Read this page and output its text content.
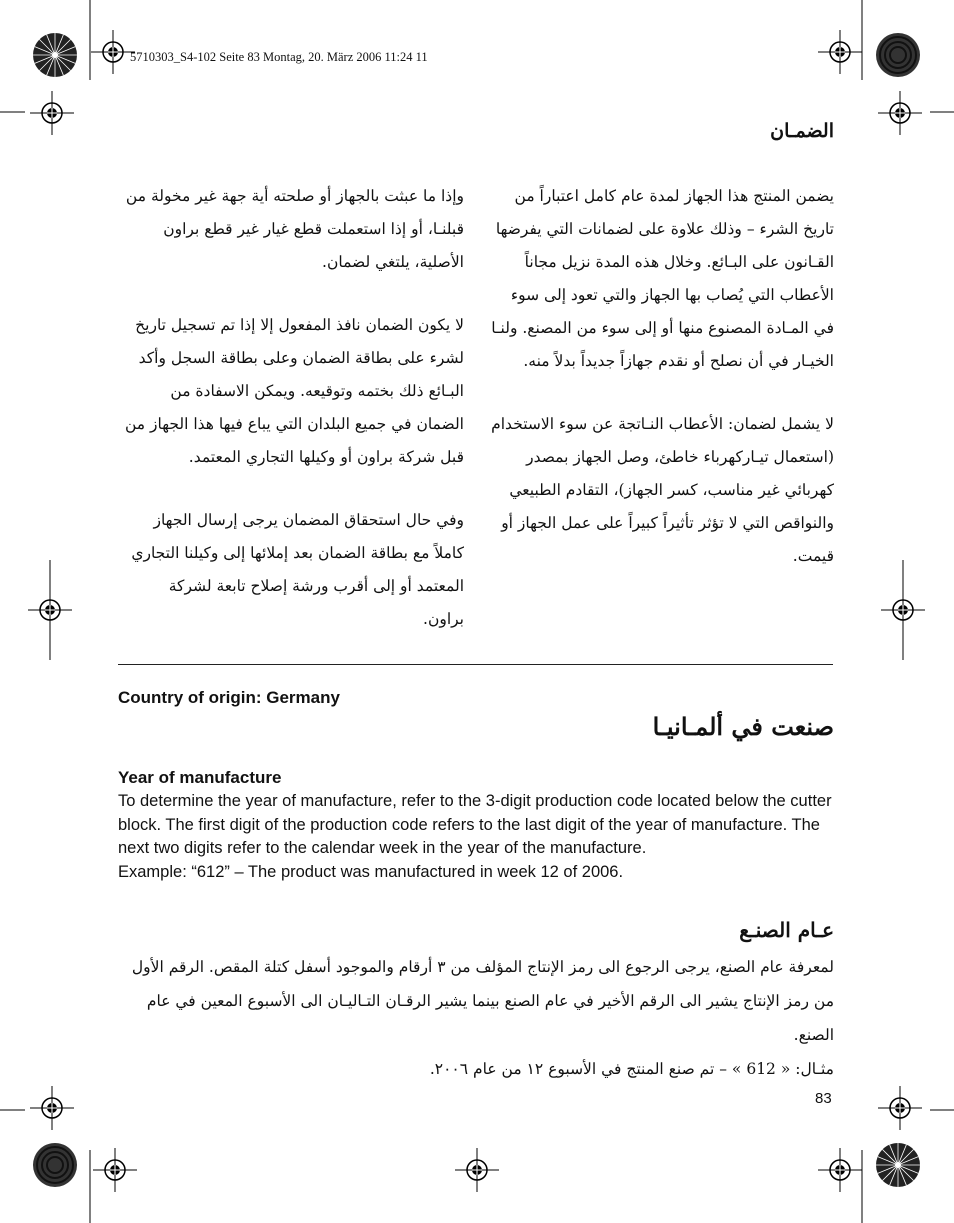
5710303_S4-102 Seite 83 Montag, 20. März 2006 11:24 11
الضمـان

يضمن المنتج هذا الجهاز لمدة عام كامل اعتباراً من تاريخ الشرء – وذلك علاوة على لضمانات التي يفرضها القـانون على البـائع. وخلال هذه المدة نزيل مجاناً الأعطاب التي يُصاب بها الجهاز والتي تعود إلى سوء في المـادة المصنوع منها أو إلى سوء من المصنع. ولنـا الخيـار في أن نصلح أو نقدم جهازاً جديداً بدلاً منه.

لا يشمل لضمان: الأعطاب النـاتجة عن سوء الاستخدام (استعمال تيـاركهرباء خاطئ، وصل الجهاز بمصدر كهربائي غير مناسب، كسر الجهاز)، التقادم الطبيعي والنواقص التي لا تؤثر تأثيراً كبيراً على عمل الجهاز أو قيمت.

وإذا ما عبثت بالجهاز أو صلحته أية جهة غير مخولة من قبلنـا، أو إذا استعملت قطع غيار غير قطع براون الأصلية، يلتغي لضمان.

لا يكون الضمان نافذ المفعول إلا إذا تم تسجيل تاريخ لشرء على بطاقة الضمان وعلى بطاقة السجل وأكد البـائع ذلك بختمه وتوقيعه. ويمكن الاسفادة من الضمان في جميع البلدان التي يباع فيها هذا الجهاز من قبل شركة براون أو وكيلها التجاري المعتمد.

وفي حال استحقاق المضمان يرجى إرسال الجهاز كاملاً مع بطاقة الضمان بعد إملائها إلى وكيلنا التجاري المعتمد أو إلى أقرب ورشة إصلاح تابعة لشركة براون.

Country of origin: Germany
صنعت في ألمـانيـا
Year of manufacture

To determine the year of manufacture, refer to the 3-digit production code located below the cutter block. The first digit of the production code refers to the last digit of the year of manufacture. The next two digits refer to the calendar week in the year of the manufacture.

Example: “612” – The product was manufactured in week 12 of 2006.

عـام الصنـع

لمعرفة عام الصنع، يرجى الرجوع الى رمز الإنتاج المؤلف من ٣ أرقام والموجود أسفل كتلة المقص. الرقم الأول من رمز الإنتاج يشير الى الرقم الأخير في عام الصنع بينما يشير الرقـان التـاليـان الى الأسبوع المعين في عام الصنع.

مثـال: « 612 » – تم صنع المنتج في الأسبوع ١٢ من عام ٢٠٠٦.

83
